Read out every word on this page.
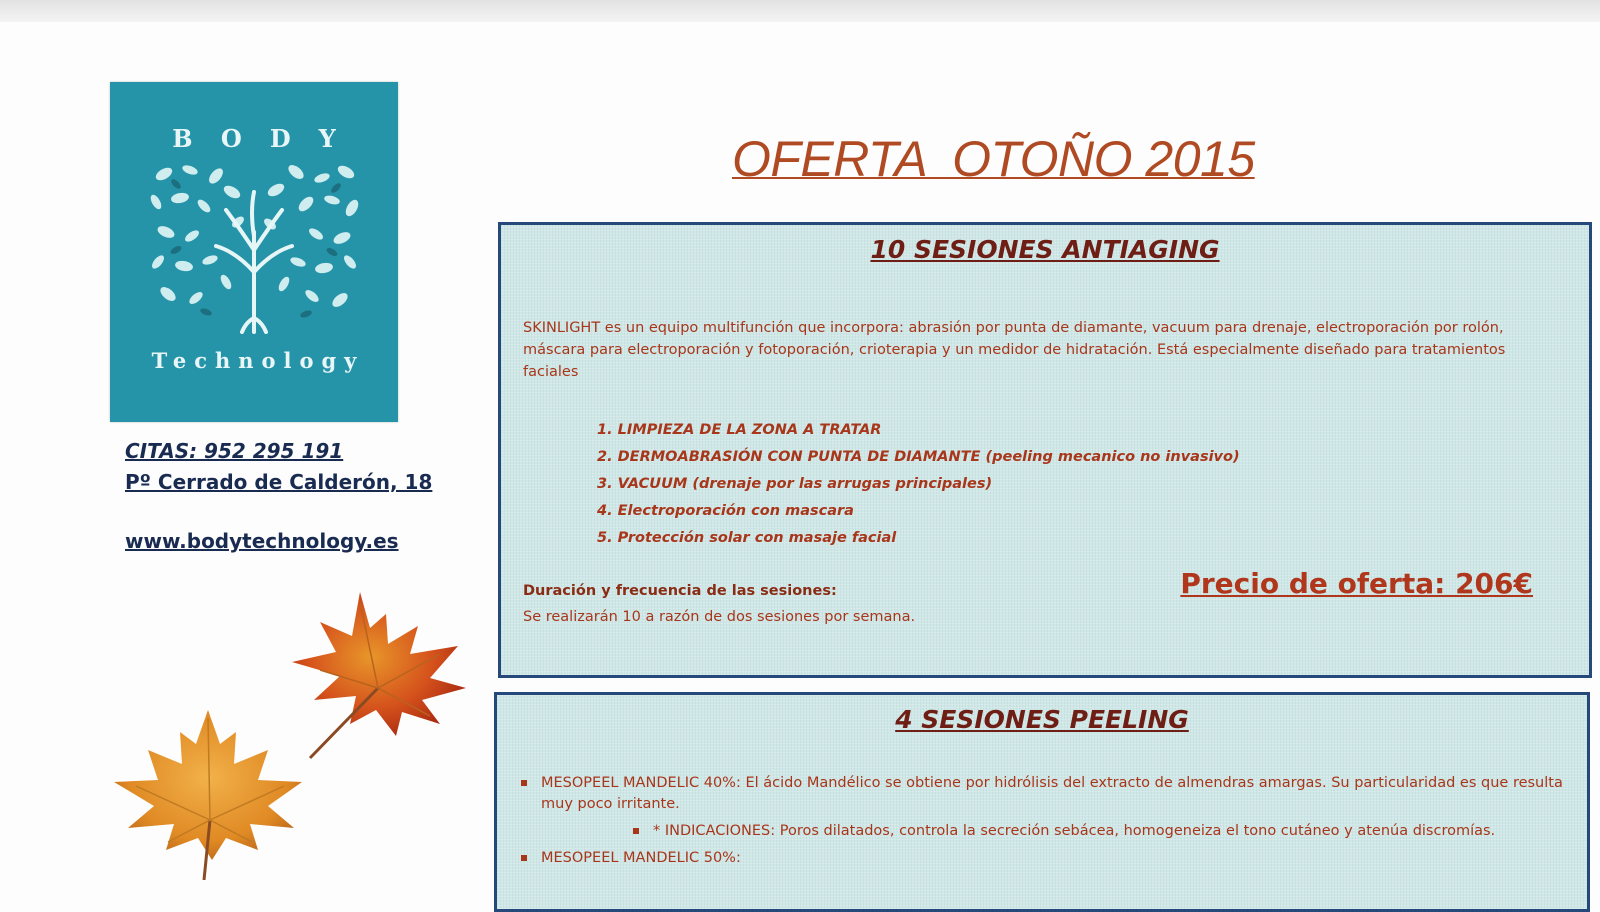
BODY
Technology
CITAS: 952 295 191
Pº Cerrado de Calderón, 18
www.bodytechnology.es
OFERTA  OTOÑO 2015
10 SESIONES ANTIAGING
SKINLIGHT es un equipo multifunción que incorpora: abrasión por punta de diamante, vacuum para drenaje, electroporación por rolón, máscara para electroporación y fotoporación, crioterapia y un medidor de hidratación. Está especialmente diseñado para tratamientos faciales
1. LIMPIEZA DE LA ZONA A TRATAR
2. DERMOABRASIÓN CON PUNTA DE DIAMANTE (peeling mecanico no invasivo)
3. VACUUM (drenaje por las arrugas principales)
4. Electroporación con mascara
5. Protección solar con masaje facial
Duración y frecuencia de las sesiones:
Se realizarán 10 a razón de dos sesiones por semana.
Precio de oferta: 206€
4 SESIONES PEELING
MESOPEEL MANDELIC 40%: El ácido Mandélico se obtiene por hidrólisis del extracto de almendras amargas. Su particularidad es que resulta muy poco irritante.
* INDICACIONES: Poros dilatados, controla la secreción sebácea, homogeneiza el tono cutáneo y atenúa discromías.
MESOPEEL MANDELIC 50%:
